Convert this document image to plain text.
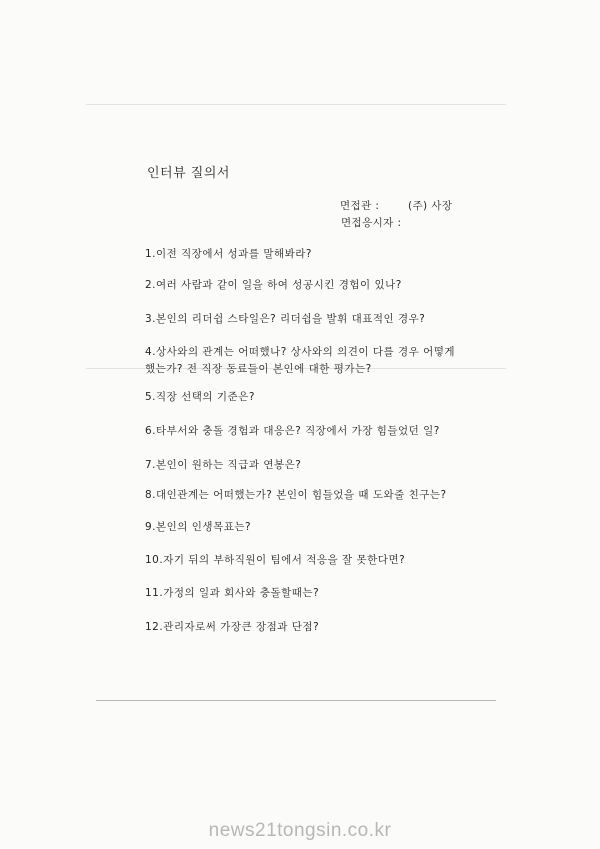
인터뷰 질의서
면접관 :	(주) 사장
면접응시자 :
1.이전 직장에서 성과를 말해봐라?
2.여러 사람과 같이 일을 하여 성공시킨 경험이 있나?
3.본인의 리더쉽 스타일은? 리더쉽을 발휘 대표적인 경우?
4.상사와의 관계는 어떠했나? 상사와의 의견이 다를 경우 어떻게 했는가? 전 직장 동료들이 본인에 대한 평가는?
5.직장 선택의 기준은?
6.타부서와 충돌 경험과 대응은? 직장에서 가장 힘들었던 일?
7.본인이 원하는 직급과 연봉은?
8.대인관계는 어떠했는가? 본인이 힘들었을 때 도와줄 친구는?
9.본인의 인생목표는?
10.자기 뒤의 부하직원이 팀에서 적응을 잘 못한다면?
11.가정의 일과 회사와 충돌할때는?
12.관리자로써 가장큰 장점과 단점?
news21tongsin.co.kr
